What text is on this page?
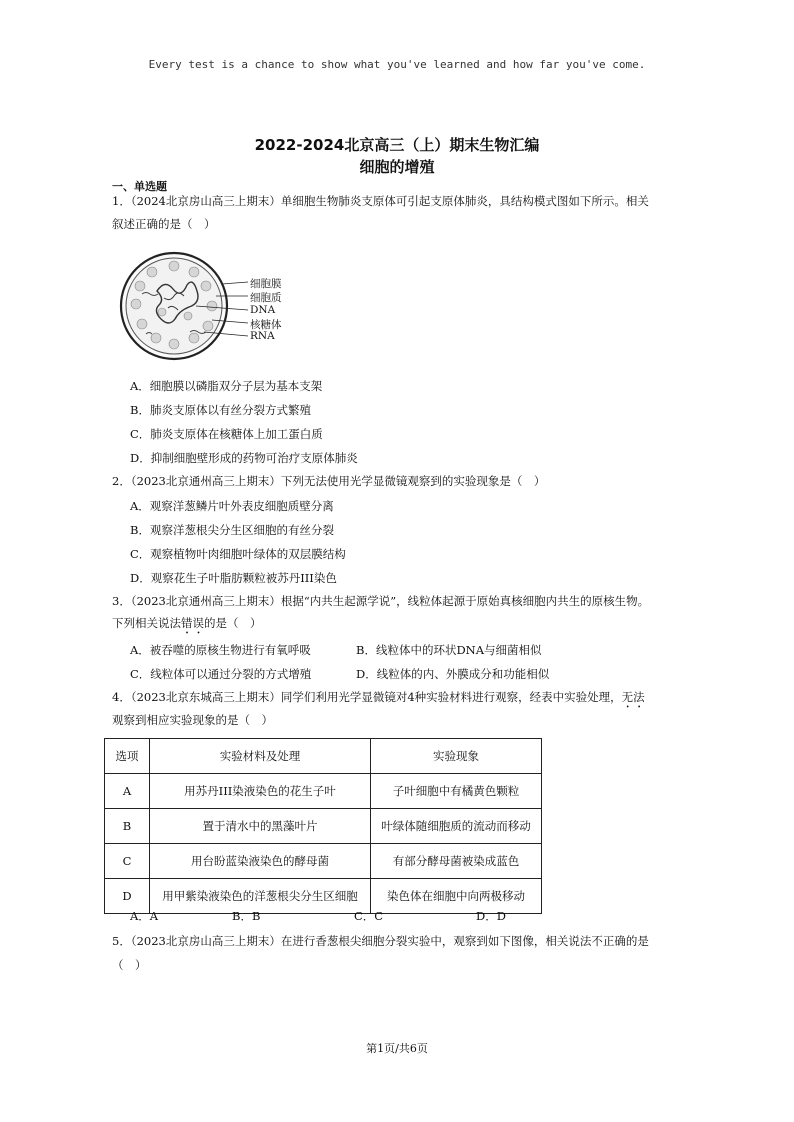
Every test is a chance to show what you've learned and how far you've come.
2022-2024北京高三（上）期末生物汇编
细胞的增殖
一、单选题
1．（2024北京房山高三上期末）单细胞生物肺炎支原体可引起支原体肺炎，具结构模式图如下所示。相关
叙述正确的是（　）
细胞膜
细胞质
DNA
核糖体
RNA
A．细胞膜以磷脂双分子层为基本支架
B．肺炎支原体以有丝分裂方式繁殖
C．肺炎支原体在核糖体上加工蛋白质
D．抑制细胞壁形成的药物可治疗支原体肺炎
2．（2023北京通州高三上期末）下列无法使用光学显微镜观察到的实验现象是（　）
A．观察洋葱鳞片叶外表皮细胞质壁分离
B．观察洋葱根尖分生区细胞的有丝分裂
C．观察植物叶肉细胞叶绿体的双层膜结构
D．观察花生子叶脂肪颗粒被苏丹III染色
3．（2023北京通州高三上期末）根据“内共生起源学说”，线粒体起源于原始真核细胞内共生的原核生物。
下列相关说法错误的是（　）
A．被吞噬的原核生物进行有氧呼吸	B．线粒体中的环状DNA与细菌相似
C．线粒体可以通过分裂的方式增殖	D．线粒体的内、外膜成分和功能相似
4．（2023北京东城高三上期末）同学们利用光学显微镜对4种实验材料进行观察，经表中实验处理，无法
观察到相应实验现象的是（　）
选项	实验材料及处理	实验现象
A	用苏丹III染液染色的花生子叶	子叶细胞中有橘黄色颗粒
B	置于清水中的黑藻叶片	叶绿体随细胞质的流动而移动
C	用台盼蓝染液染色的酵母菌	有部分酵母菌被染成蓝色
D	用甲紫染液染色的洋葱根尖分生区细胞	染色体在细胞中向两极移动
A．A	B．B	C．C	D．D
5．（2023北京房山高三上期末）在进行香葱根尖细胞分裂实验中，观察到如下图像，相关说法不正确的是
（　）
第1页/共6页
